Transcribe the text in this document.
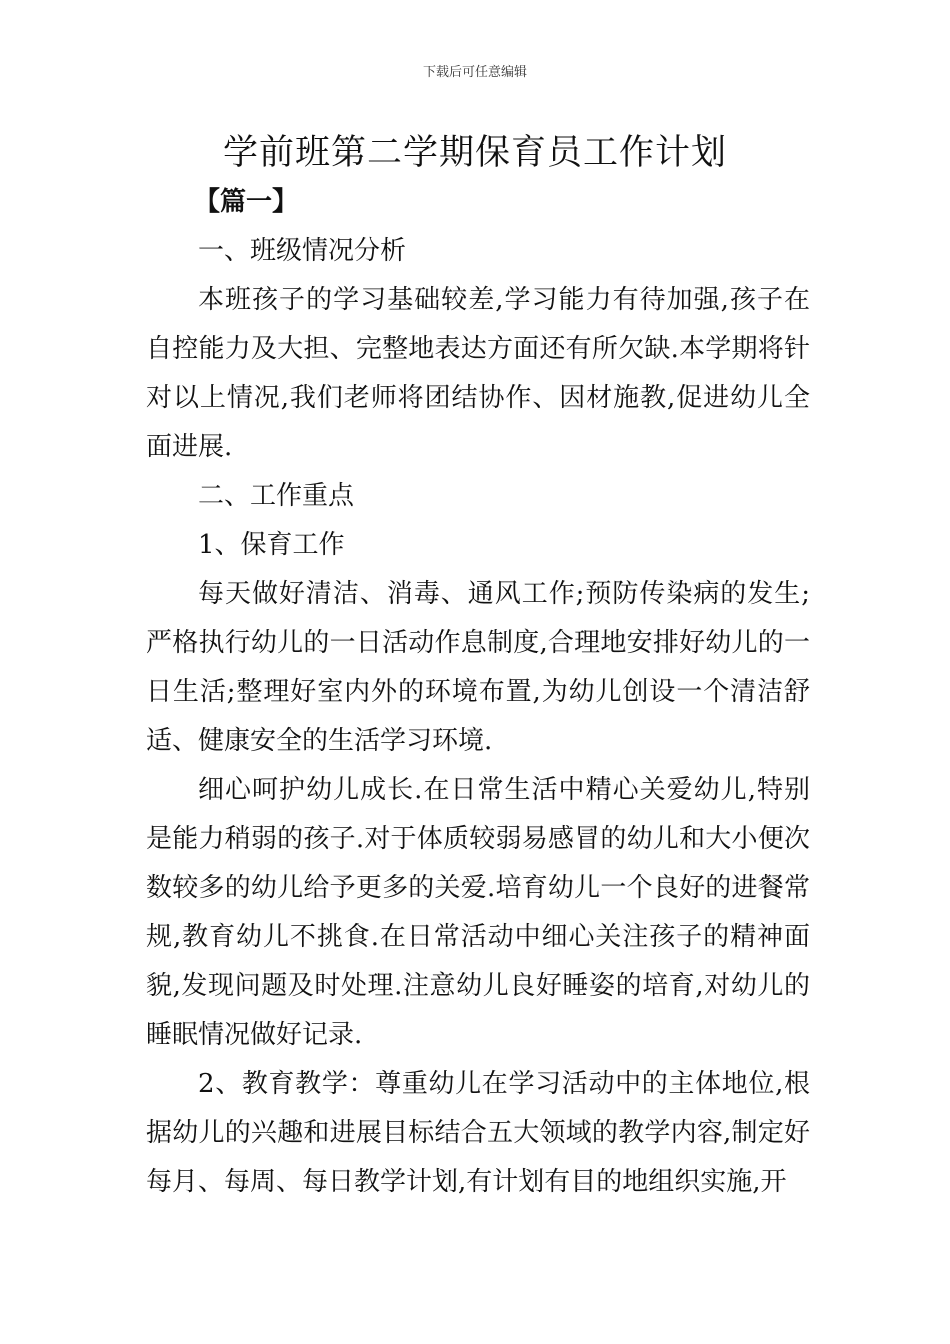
下载后可任意编辑
学前班第二学期保育员工作计划

【篇一】

一、班级情况分析

本班孩子的学习基础较差,学习能力有待加强,孩子在自控能力及大担、完整地表达方面还有所欠缺.本学期将针对以上情况,我们老师将团结协作、因材施教,促进幼儿全面进展.

二、工作重点

1、保育工作

每天做好清洁、消毒、通风工作;预防传染病的发生;严格执行幼儿的一日活动作息制度,合理地安排好幼儿的一日生活;整理好室内外的环境布置,为幼儿创设一个清洁舒适、健康安全的生活学习环境.

细心呵护幼儿成长.在日常生活中精心关爱幼儿,特别是能力稍弱的孩子.对于体质较弱易感冒的幼儿和大小便次数较多的幼儿给予更多的关爱.培育幼儿一个良好的进餐常规,教育幼儿不挑食.在日常活动中细心关注孩子的精神面貌,发现问题及时处理.注意幼儿良好睡姿的培育,对幼儿的睡眠情况做好记录.

2、教育教学：尊重幼儿在学习活动中的主体地位,根据幼儿的兴趣和进展目标结合五大领域的教学内容,制定好每月、每周、每日教学计划,有计划有目的地组织实施,开
